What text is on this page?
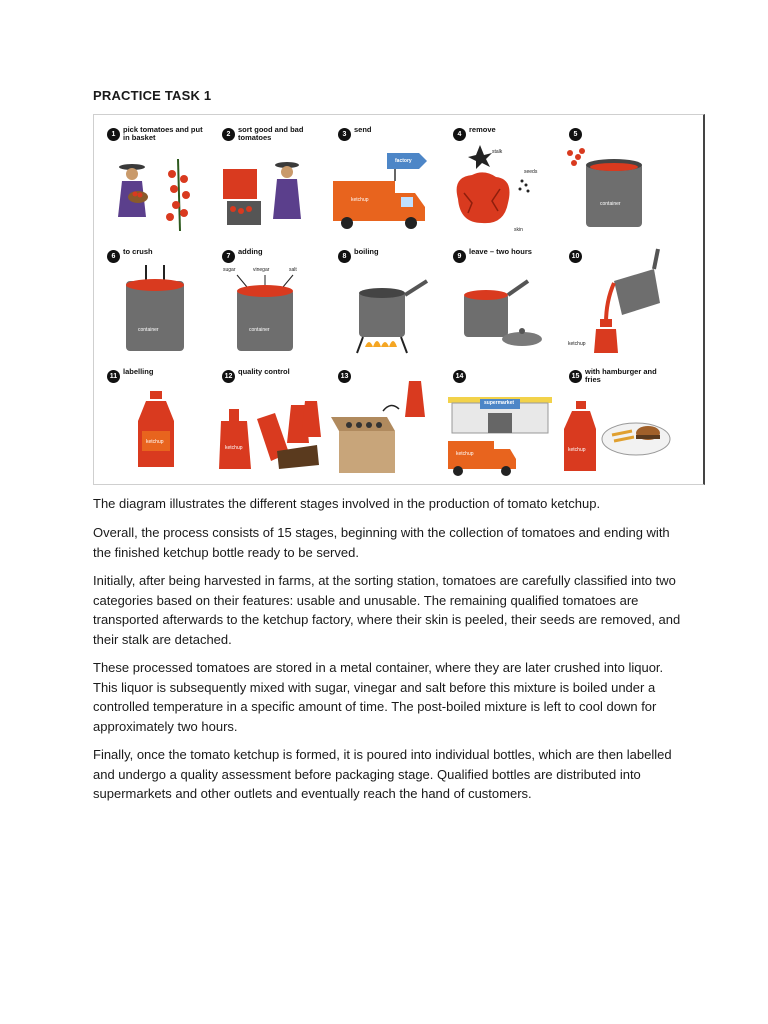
PRACTICE TASK 1
1
pick tomatoes and put in basket	2
sort good and bad tomatoes	3
send
factory
ketchup
4
remove
stalk
seeds
skin
5
container
6
to crush
container
7
adding
sugar	vinegar	salt
container
8
boiling
9
leave – two hours
10
ketchup
11
labelling
ketchup
12
quality control
ketchup
13	14
supermarket
ketchup
15
with hamburger and fries
ketchup

The diagram illustrates the different stages involved in the production of tomato ketchup.

Overall, the process consists of 15 stages, beginning with the collection of tomatoes and ending with the finished ketchup bottle ready to be served.

Initially, after being harvested in farms, at the sorting station, tomatoes are carefully classified into two categories based on their features: usable and unusable. The remaining qualified tomatoes are transported afterwards to the ketchup factory, where their skin is peeled, their seeds are removed, and their stalk are detached.

These processed tomatoes are stored in a metal container, where they are later crushed into liquor. This liquor is subsequently mixed with sugar, vinegar and salt before this mixture is boiled under a controlled temperature in a specific amount of time. The post-boiled mixture is left to cool down for approximately two hours.

Finally, once the tomato ketchup is formed, it is poured into individual bottles, which are then labelled and undergo a quality assessment before packaging stage. Qualified bottles are distributed into supermarkets and other outlets and eventually reach the hand of customers.
